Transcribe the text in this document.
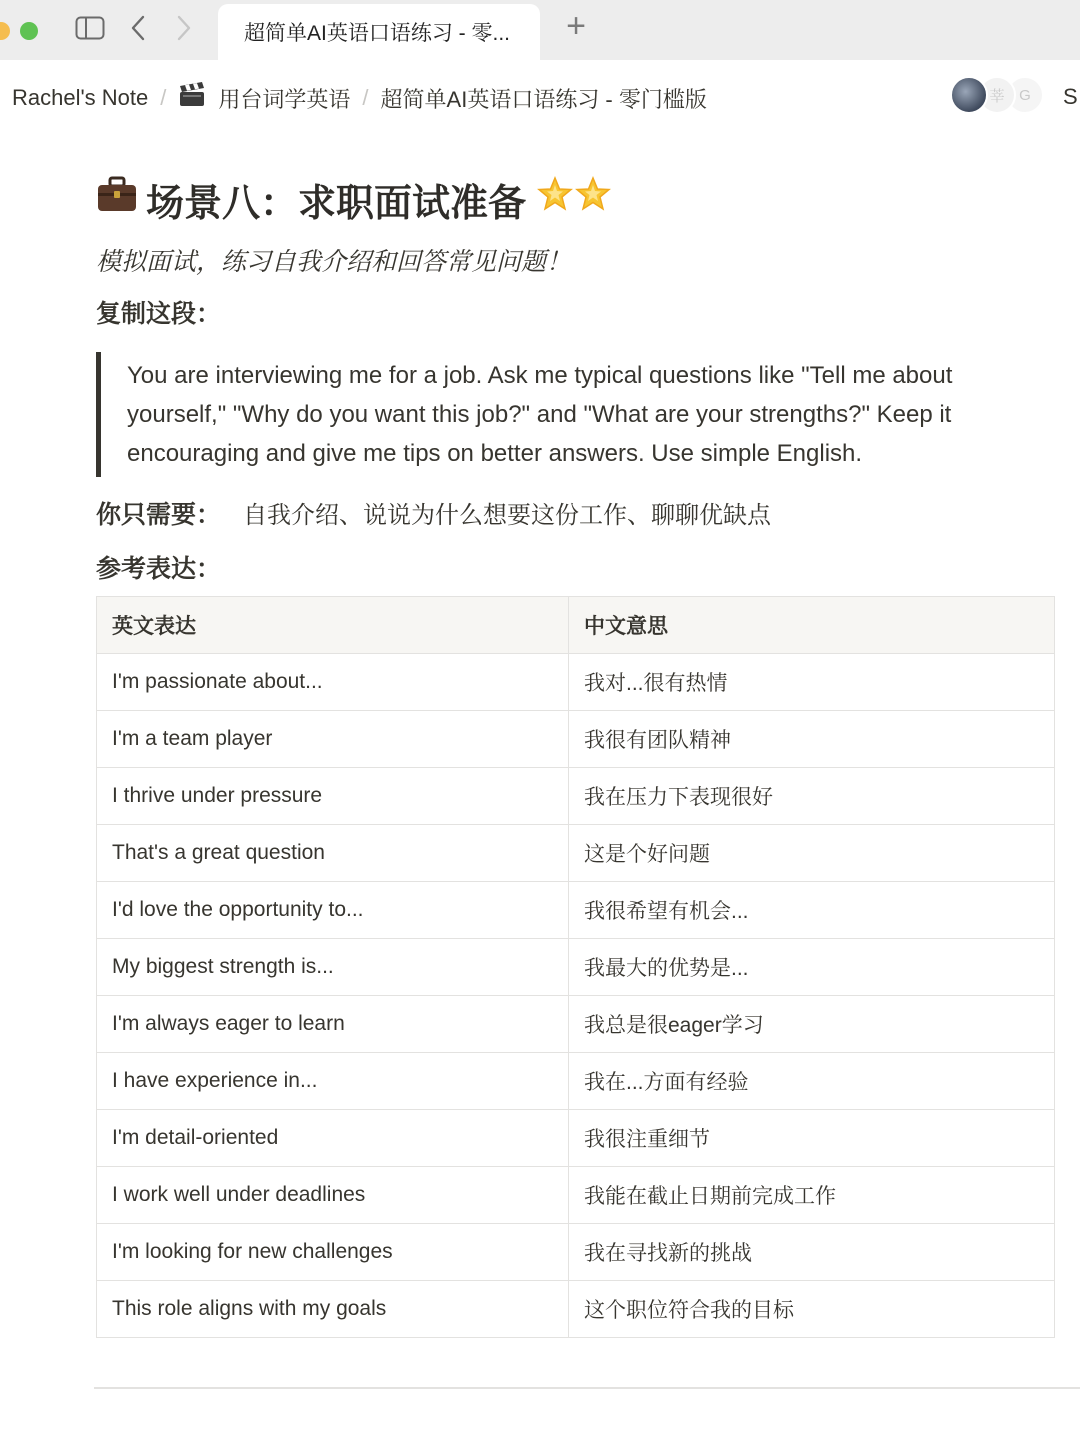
超简单AI英语口语练习 - 零... +
Rachel's Note / 用台词学英语 / 超简单AI英语口语练习 - 零门槛版	莘 G	S
场景八：求职面试准备
模拟面试，练习自我介绍和回答常见问题！
复制这段：
You are interviewing me for a job. Ask me typical questions like "Tell me about yourself," "Why do you want this job?" and "What are your strengths?" Keep it encouraging and give me tips on better answers. Use simple English.
你只需要： 自我介绍、说说为什么想要这份工作、聊聊优缺点
参考表达：
英文表达	中文意思
I'm passionate about...	我对...很有热情
I'm a team player	我很有团队精神
I thrive under pressure	我在压力下表现很好
That's a great question	这是个好问题
I'd love the opportunity to...	我很希望有机会...
My biggest strength is...	我最大的优势是...
I'm always eager to learn	我总是很eager学习
I have experience in...	我在...方面有经验
I'm detail-oriented	我很注重细节
I work well under deadlines	我能在截止日期前完成工作
I'm looking for new challenges	我在寻找新的挑战
This role aligns with my goals	这个职位符合我的目标
